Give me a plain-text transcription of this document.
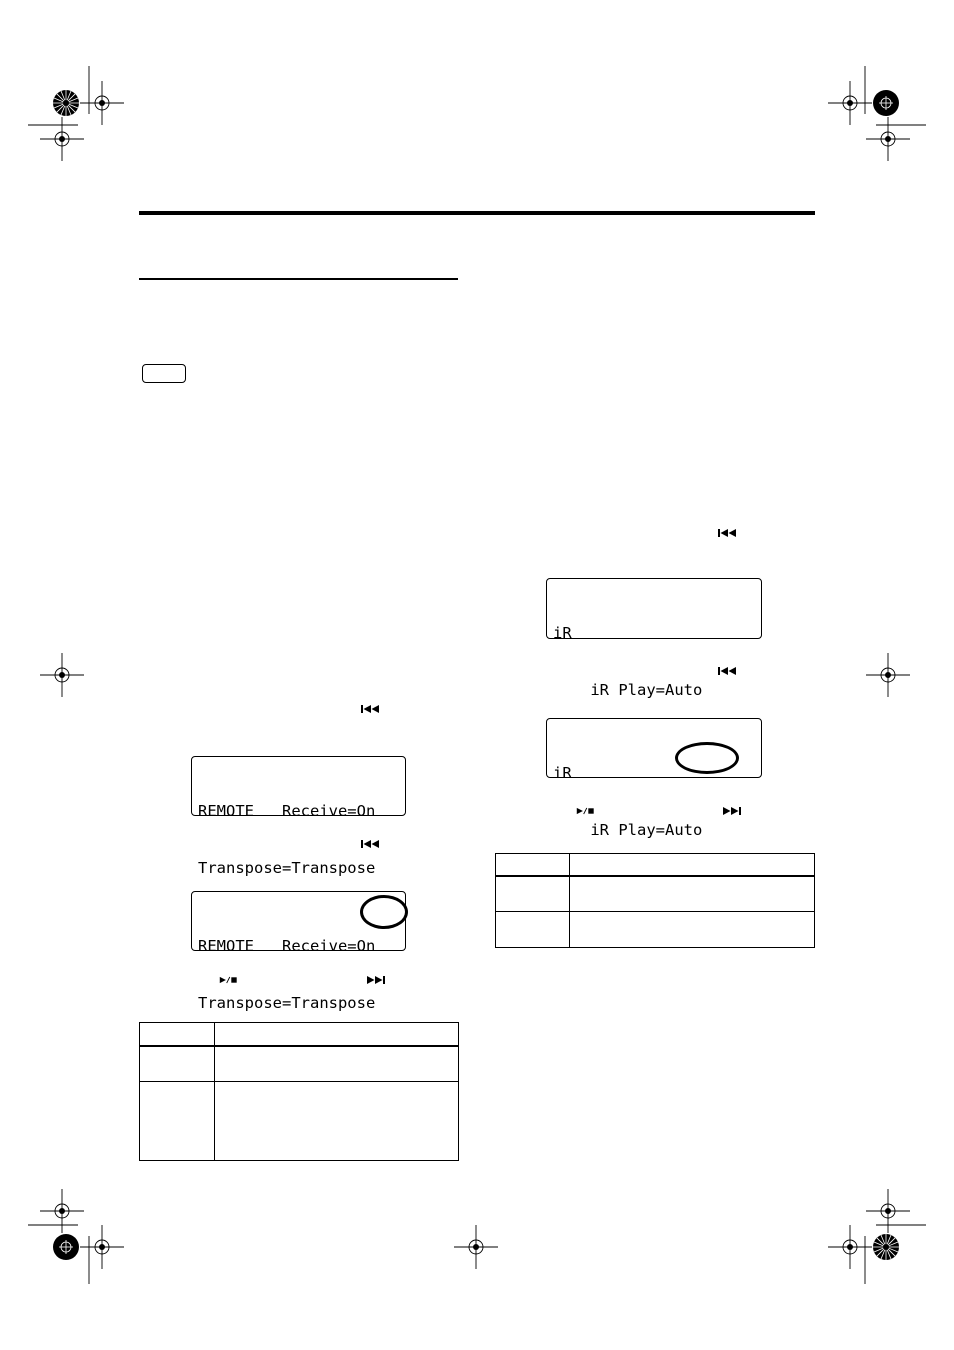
REMOTE   Receive=On

Transpose=Transpose

REMOTE   Receive=On

Transpose=Transpose

iR

iR Play=Auto

iR

iR Play=Auto
